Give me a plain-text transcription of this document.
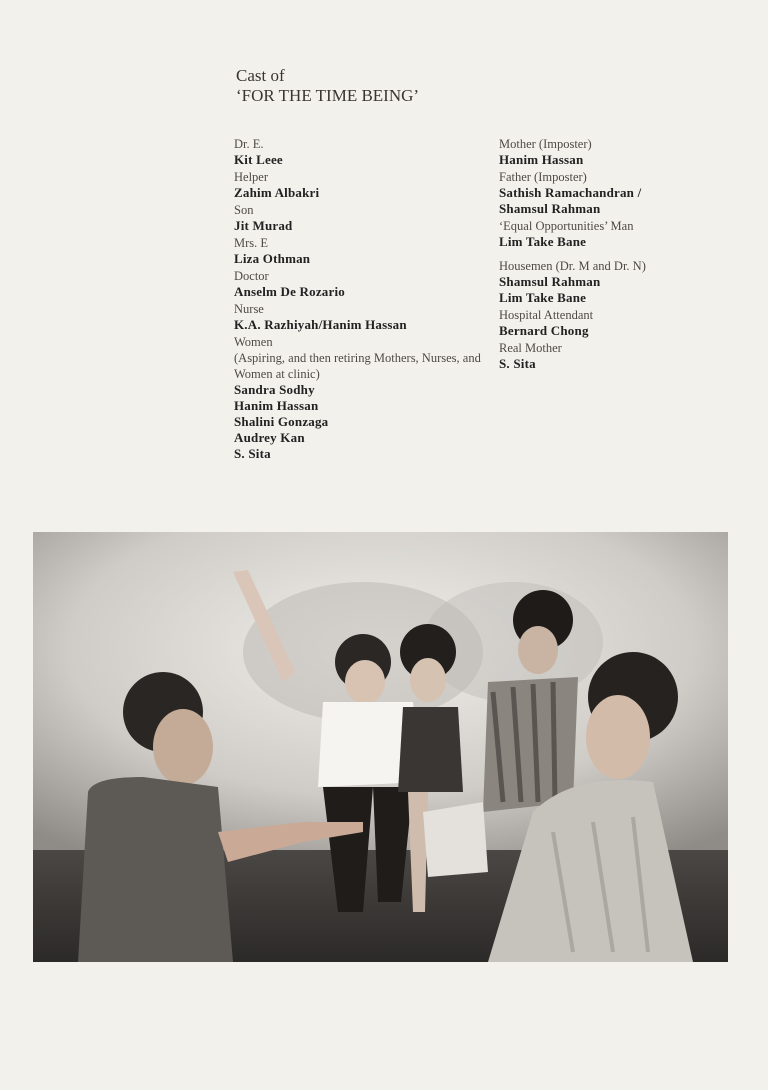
Cast of
‘FOR THE TIME BEING’
Dr. E.
Kit Leee
Helper
Zahim Albakri
Son
Jit Murad
Mrs. E
Liza Othman
Doctor
Anselm De Rozario
Nurse
K.A. Razhiyah/Hanim Hassan
Women
(Aspiring, and then retiring Mothers, Nurses, and Women at clinic)
Sandra Sodhy
Hanim Hassan
Shalini Gonzaga
Audrey Kan
S. Sita
Mother (Imposter)
Hanim Hassan
Father (Imposter)
Sathish Ramachandran /
Shamsul Rahman
‘Equal Opportunities’ Man
Lim Take Bane
Housemen (Dr. M and Dr. N)
Shamsul Rahman
Lim Take Bane
Hospital Attendant
Bernard Chong
Real Mother
S. Sita
